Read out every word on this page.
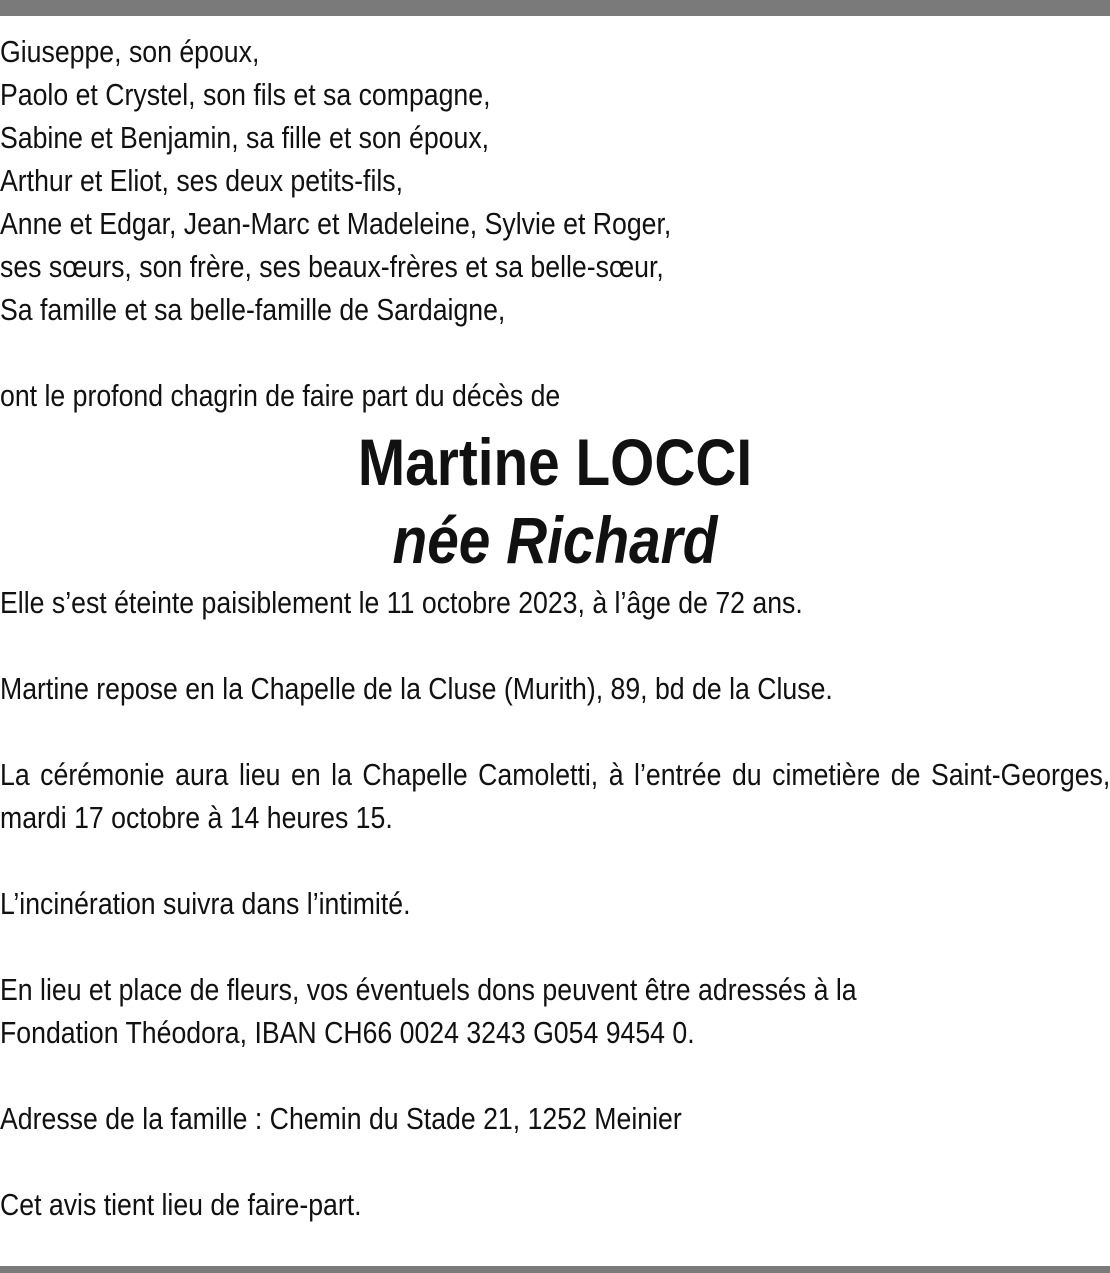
Giuseppe, son époux,
Paolo et Crystel, son fils et sa compagne,
Sabine et Benjamin, sa fille et son époux,
Arthur et Eliot, ses deux petits-fils,
Anne et Edgar, Jean-Marc et Madeleine, Sylvie et Roger,
ses sœurs, son frère, ses beaux-frères et sa belle-sœur,
Sa famille et sa belle-famille de Sardaigne,
ont le profond chagrin de faire part du décès de
Martine LOCCI
née Richard
Elle s’est éteinte paisiblement le 11 octobre 2023, à l’âge de 72 ans.
Martine repose en la Chapelle de la Cluse (Murith), 89, bd de la Cluse.
La cérémonie aura lieu en la Chapelle Camoletti, à l’entrée du cimetière de Saint-Georges, mardi 17 octobre à 14 heures 15.
L’incinération suivra dans l’intimité.
En lieu et place de fleurs, vos éventuels dons peuvent être adressés à la
Fondation Théodora, IBAN CH66 0024 3243 G054 9454 0.
Adresse de la famille : Chemin du Stade 21, 1252 Meinier
Cet avis tient lieu de faire-part.
